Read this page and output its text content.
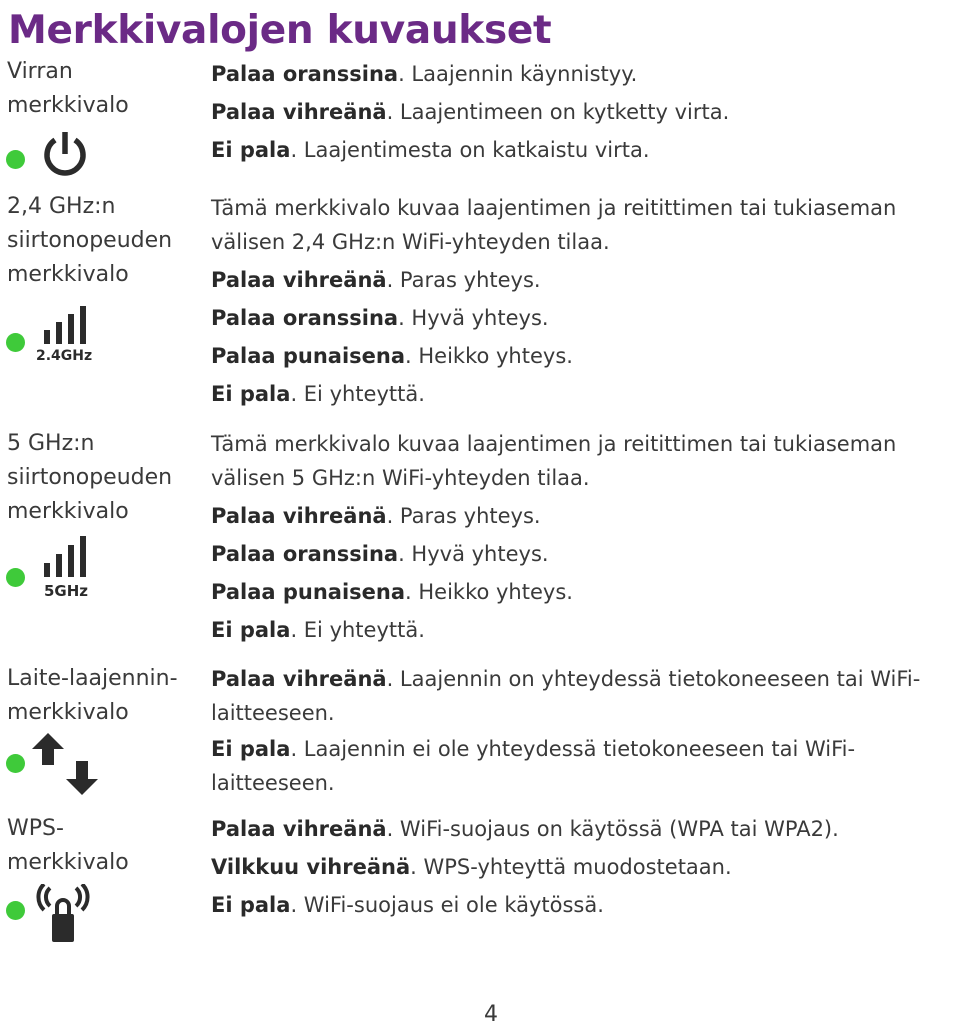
Merkkivalojen kuvaukset
Virran
merkkivalo

Palaa oranssina. Laajennin käynnistyy.

Palaa vihreänä. Laajentimeen on kytketty virta.

Ei pala. Laajentimesta on katkaistu virta.

2,4 GHz:n
siirtonopeuden
merkkivalo
2.4GHz

Tämä merkkivalo kuvaa laajentimen ja reitittimen tai tukiaseman välisen 2,4 GHz:n WiFi-yhteyden tilaa.

Palaa vihreänä. Paras yhteys.

Palaa oranssina. Hyvä yhteys.

Palaa punaisena. Heikko yhteys.

Ei pala. Ei yhteyttä.

5 GHz:n
siirtonopeuden
merkkivalo
5GHz

Tämä merkkivalo kuvaa laajentimen ja reitittimen tai tukiaseman välisen 5 GHz:n WiFi-yhteyden tilaa.

Palaa vihreänä. Paras yhteys.

Palaa oranssina. Hyvä yhteys.

Palaa punaisena. Heikko yhteys.

Ei pala. Ei yhteyttä.

Laite-laajennin-
merkkivalo

Palaa vihreänä. Laajennin on yhteydessä tietokoneeseen tai WiFi-laitteeseen.

Ei pala. Laajennin ei ole yhteydessä tietokoneeseen tai WiFi-laitteeseen.

WPS-
merkkivalo

Palaa vihreänä. WiFi-suojaus on käytössä (WPA tai WPA2).

Vilkkuu vihreänä. WPS-yhteyttä muodostetaan.

Ei pala. WiFi-suojaus ei ole käytössä.

4
